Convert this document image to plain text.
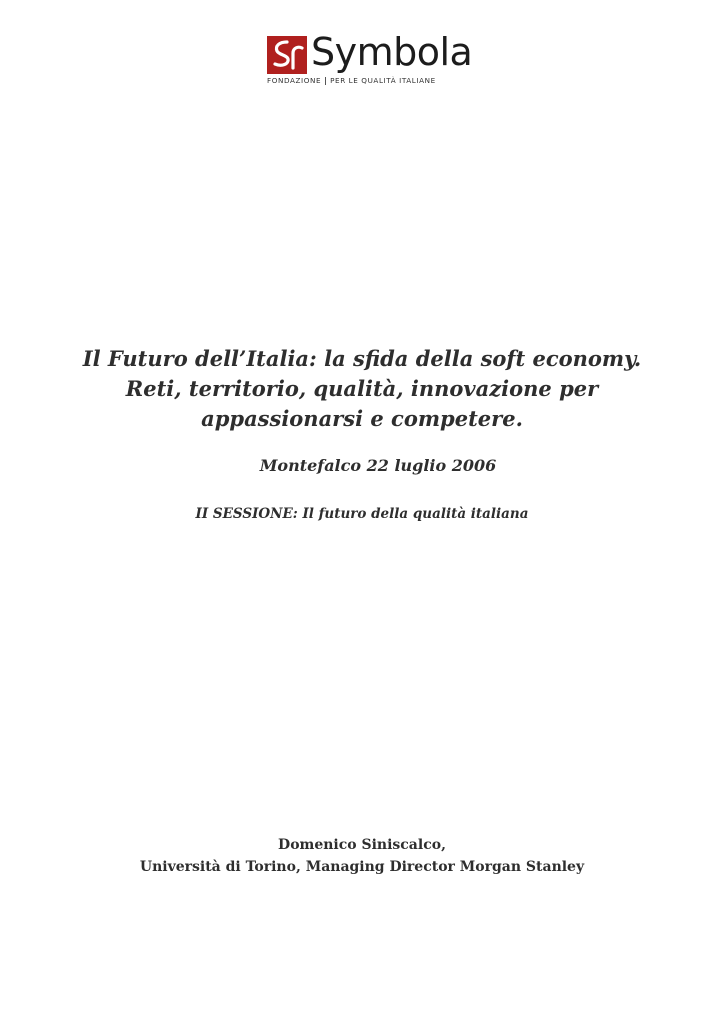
Symbola
FONDAZIONE PER LE QUALITÀ ITALIANE
Il Futuro dell’Italia: la sfida della soft economy.
Reti, territorio, qualità, innovazione per
appassionarsi e competere.
Montefalco 22 luglio 2006
II SESSIONE: Il futuro della qualità italiana
Domenico Siniscalco,
Università di Torino, Managing Director Morgan Stanley
